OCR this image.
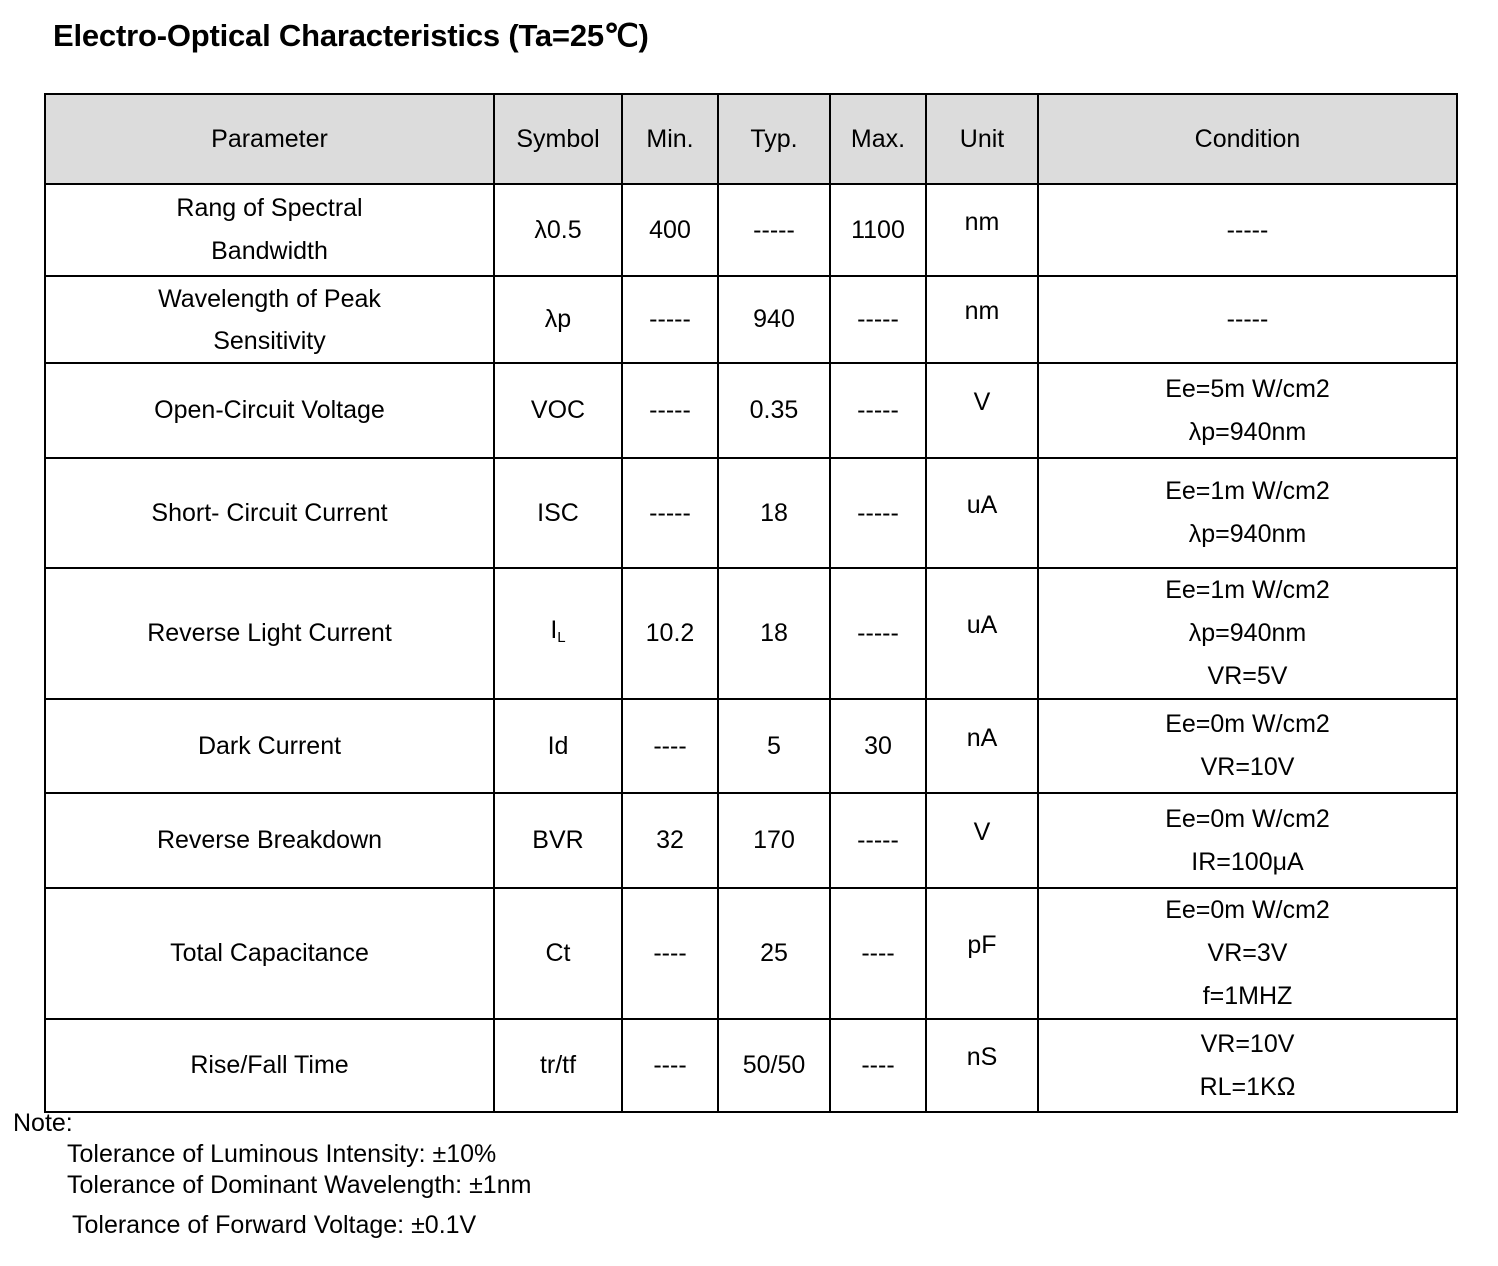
Electro-Optical Characteristics (Ta=25℃)
Parameter	Symbol	Min.	Typ.	Max.	Unit	Condition

Rang of Spectral
Bandwidth	λ0.5	400	-----	1100	nm	-----

Wavelength of Peak
Sensitivity	λp	-----	940	-----	nm	-----

Open-Circuit Voltage	VOC	-----	0.35	-----	V	Ee=5m W/cm2
λp=940nm

Short- Circuit Current	ISC	-----	18	-----	uA	Ee=1m W/cm2
λp=940nm

Reverse Light Current	$I_L$	10.2	18	-----	uA	Ee=1m W/cm2
λp=940nm
VR=5V

Dark Current	Id	----	5	30	nA	Ee=0m W/cm2
VR=10V

Reverse Breakdown	BVR	32	170	-----	V	Ee=0m W/cm2
IR=100μA

Total Capacitance	Ct	----	25	----	pF	Ee=0m W/cm2
VR=3V
f=1MHZ

Rise/Fall Time	tr/tf	----	50/50	----	nS	VR=10V
RL=1KΩ
Note:
Tolerance of Luminous Intensity: ±10%
Tolerance of Dominant Wavelength: ±1nm
Tolerance of Forward Voltage: ±0.1V
